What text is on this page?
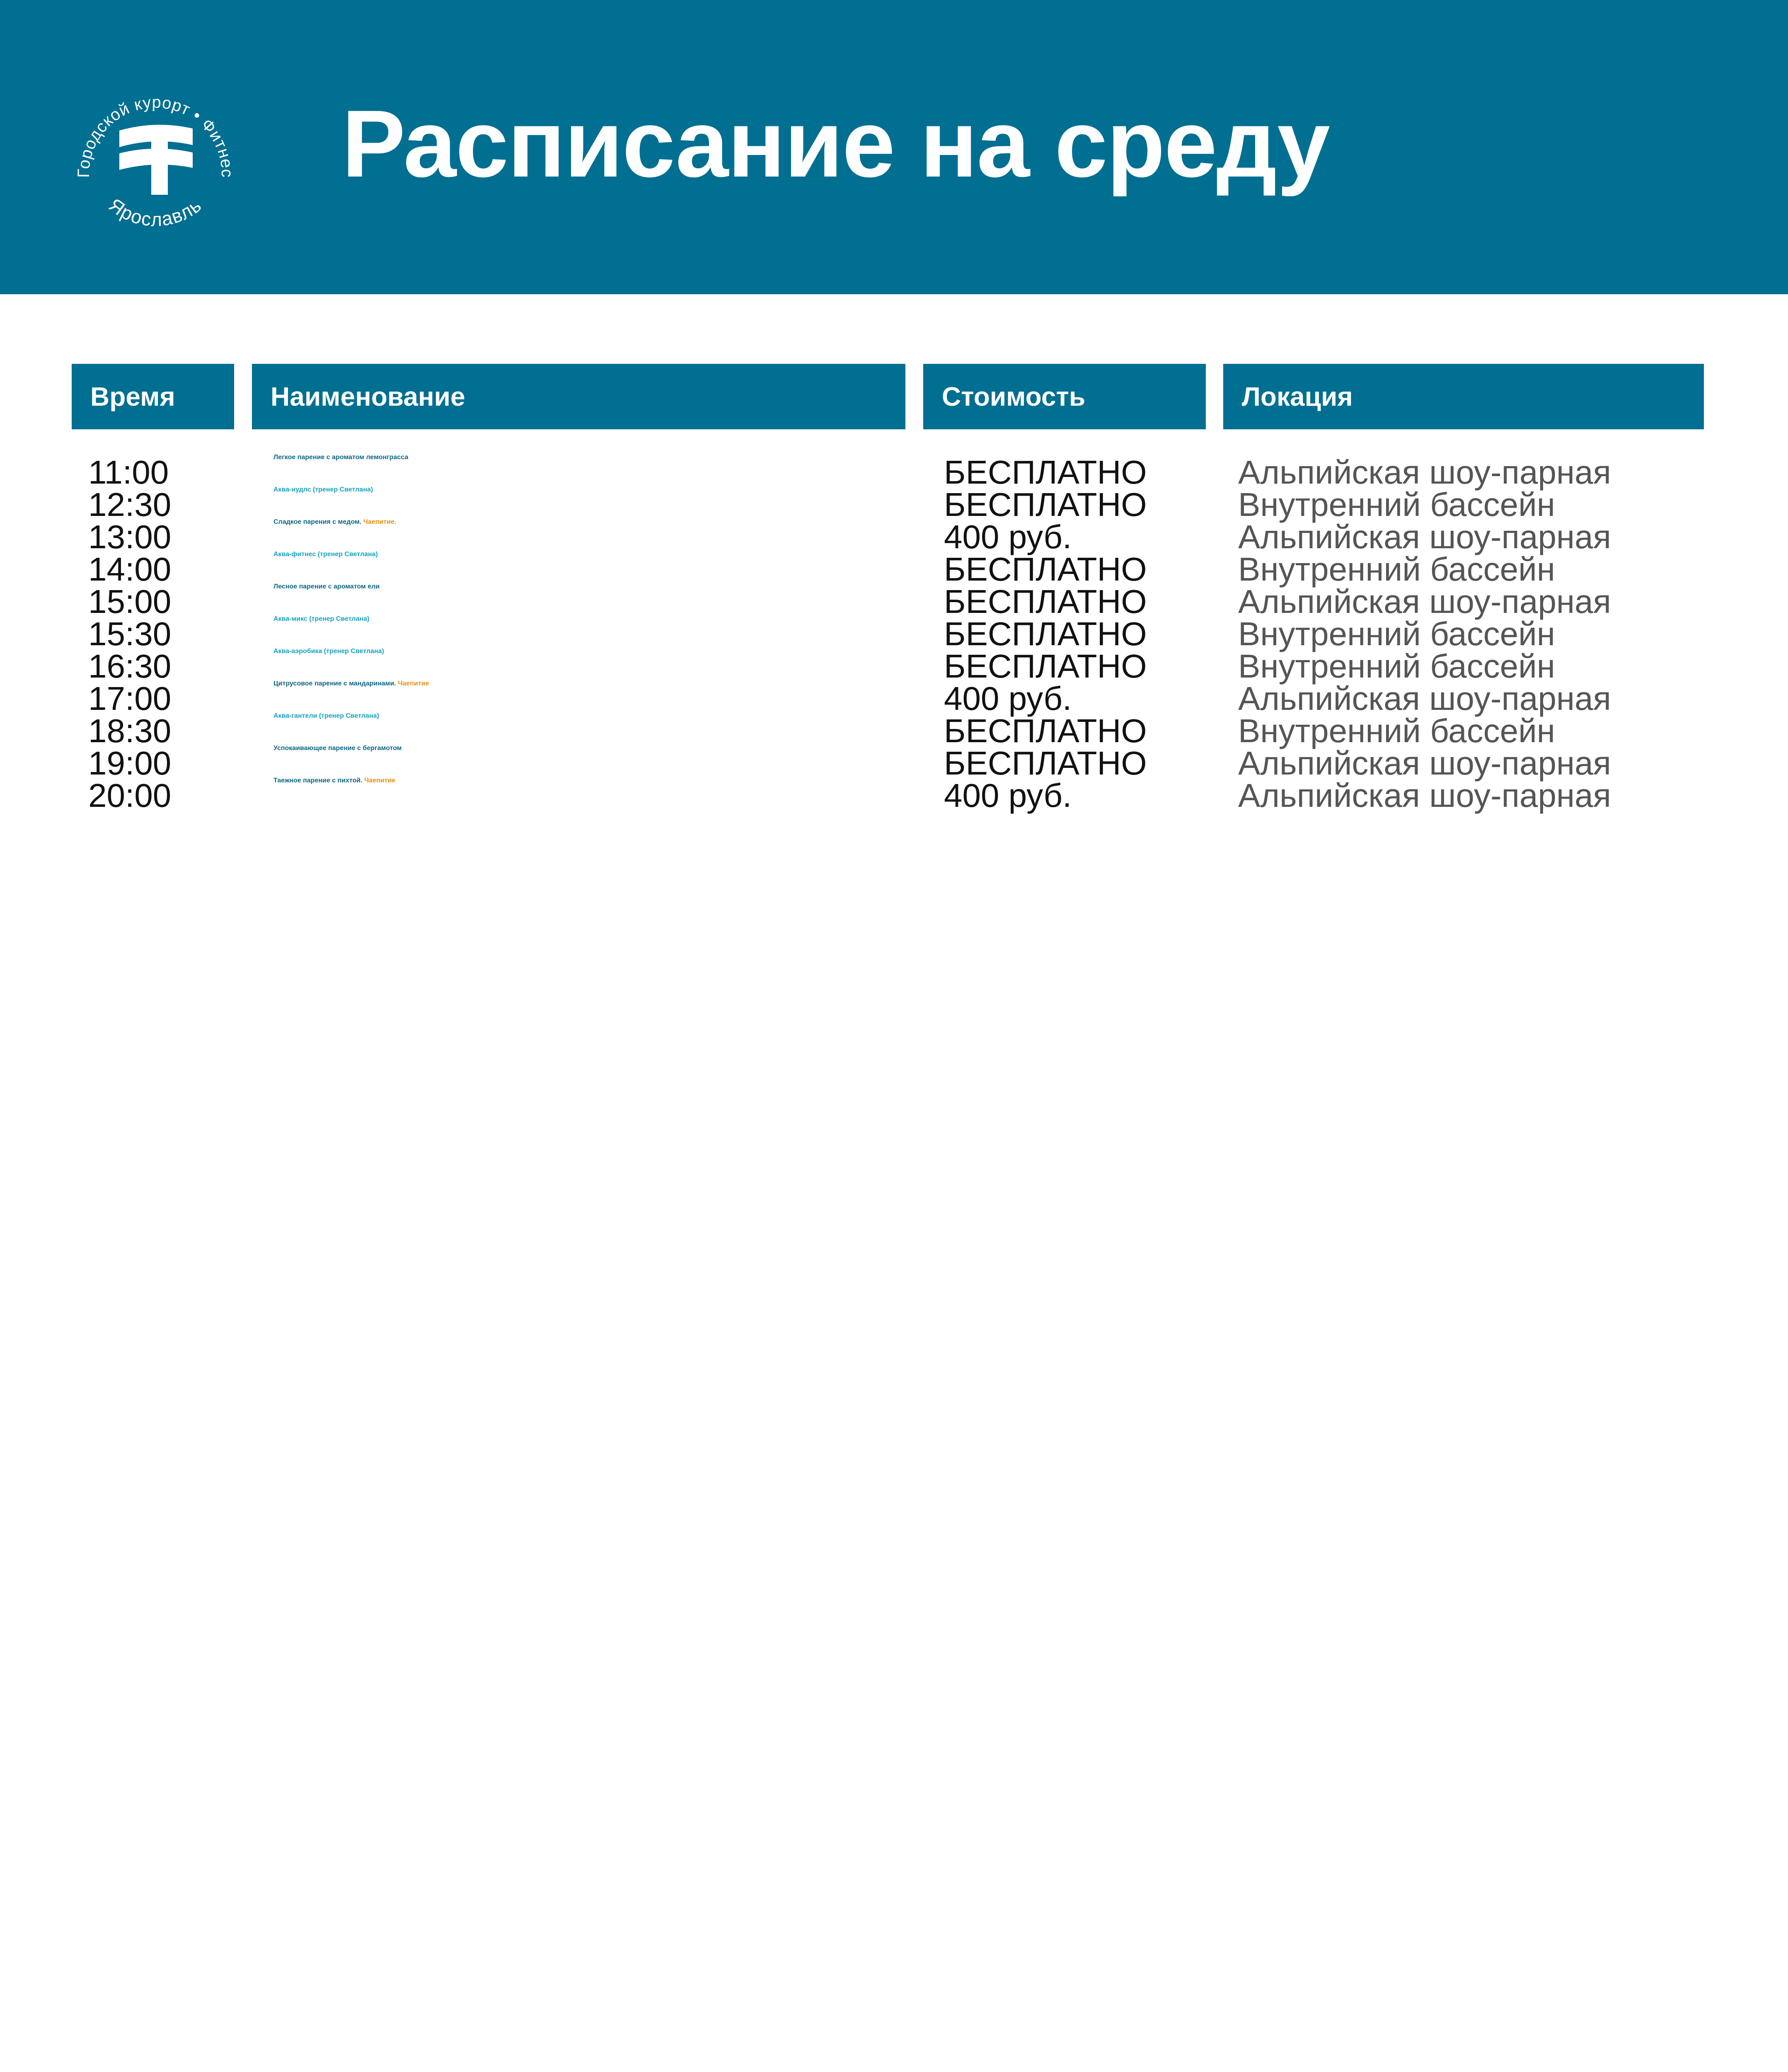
Городской курорт • Фитнес
Ярославль
Расписание на среду
Время	Наименование	Стоимость	Локация
11:00	Легкое парение с ароматом лемонграсса	БЕСПЛАТНО	Альпийская шоу-парная
12:30	Аква-нудлс (тренер Светлана)	БЕСПЛАТНО	Внутренний бассейн
13:00	Сладкое парения с медом. Чаепитие.	400 руб.	Альпийская шоу-парная
14:00	Аква-фитнес (тренер Светлана)	БЕСПЛАТНО	Внутренний бассейн
15:00	Лесное парение с ароматом ели	БЕСПЛАТНО	Альпийская шоу-парная
15:30	Аква-микс (тренер Светлана)	БЕСПЛАТНО	Внутренний бассейн
16:30	Аква-аэробика (тренер Светлана)	БЕСПЛАТНО	Внутренний бассейн
17:00	Цитрусовое парение с мандаринами. Чаепитие	400 руб.	Альпийская шоу-парная
18:30	Аква-гантели (тренер Светлана)	БЕСПЛАТНО	Внутренний бассейн
19:00	Успокаивающее парение с бергамотом	БЕСПЛАТНО	Альпийская шоу-парная
20:00	Таежное парение с пихтой. Чаепитие	400 руб.	Альпийская шоу-парная
